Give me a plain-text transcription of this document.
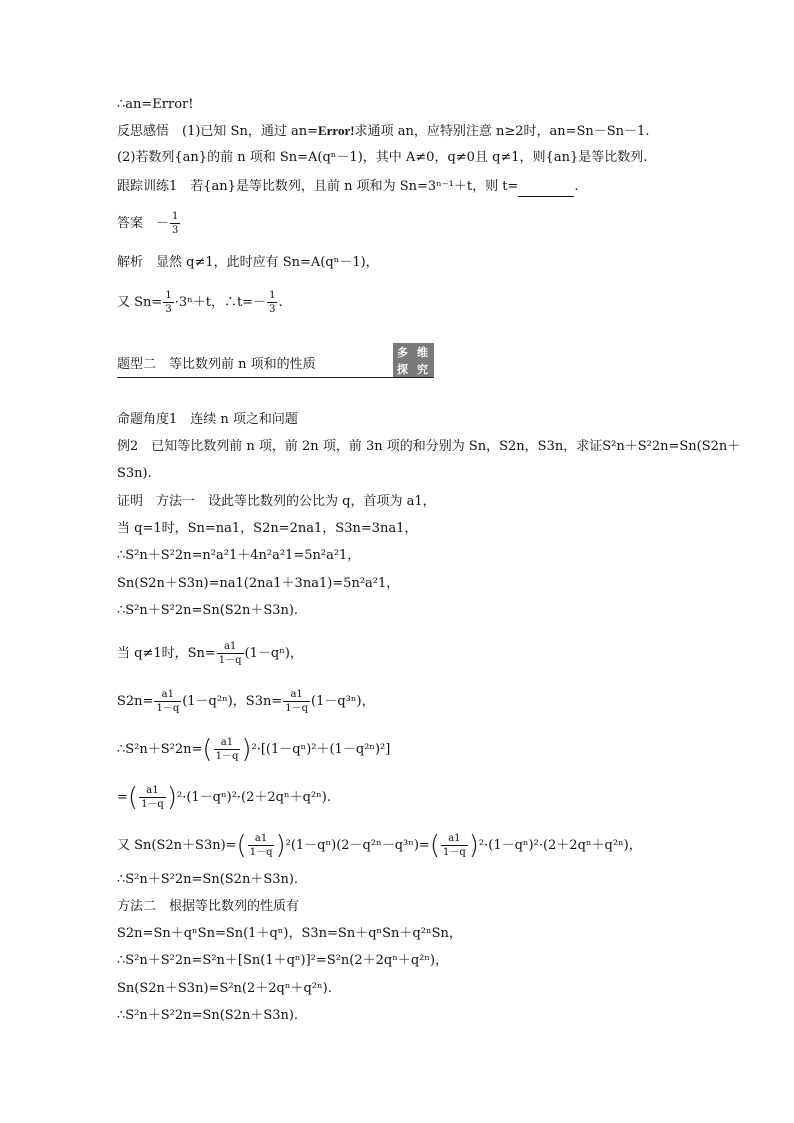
∴an=Error!
反思感悟　(1)已知 Sn，通过 an=Error!求通项 an，应特别注意 n≥2时，an=Sn－Sn－1.
(2)若数列{an}的前 n 项和 Sn=A(qⁿ－1)，其中 A≠0，q≠0且 q≠1，则{an}是等比数列.
跟踪训练1　若{an}是等比数列，且前 n 项和为 Sn=3ⁿ⁻¹＋t，则 t=	.
答案　－ $\frac{1}{3}$
解析　显然 q≠1，此时应有 Sn=A(qⁿ－1)，
又 $Sn= \frac{1}{3} \cdot 3^n+t$，∴t=－ $\frac{1}{3}$ .
题型二　等比数列前 n 项和的性质
多 维
探 究
命题角度1　连续 n 项之和问题
例2　已知等比数列前 n 项，前 2n 项，前 3n 项的和分别为 Sn，S2n，S3n，求证S²n＋S²2n=Sn(S2n＋
S3n).
证明　方法一　设此等比数列的公比为 q，首项为 a1，
当 q=1时，Sn=na1，S2n=2na1，S3n=3na1，
∴S²n＋S²2n=n²a²1＋4n²a²1=5n²a²1，
Sn(S2n＋S3n)=na1(2na1＋3na1)=5n²a²1，
∴S²n＋S²2n=Sn(S2n＋S3n).
当 q≠1时，$Sn= \frac{a1}{1-q} (1-q^n)$，
$S2n= \frac{a1}{1-q} (1-q^{2n})$，$S3n= \frac{a1}{1-q} (1-q^{3n})$，
∴S²n＋S²2n=( $\frac{a1}{1-q} )^2\cdot[(1-q^n)^2+(1-q^{2n})^2]$
=( $\frac{a1}{1-q} )^2\cdot(1-q^n)^2\cdot(2+2q^n+q^{2n})$.
又 $Sn(S2n+S3n)=( \frac{a1}{1-q} )^2(1-q^n)(2-q^{2n}-q^{3n})=( \frac{a1}{1-q} )^2\cdot(1-q^n)^2\cdot(2+2q^n+q^{2n})$，
∴S²n＋S²2n=Sn(S2n＋S3n).
方法二　根据等比数列的性质有
S2n=Sn＋qⁿSn=Sn(1＋qⁿ)，S3n=Sn＋qⁿSn＋q²ⁿSn，
∴S²n＋S²2n=S²n＋[Sn(1＋qⁿ)]²=S²n(2＋2qⁿ＋q²ⁿ)，
Sn(S2n＋S3n)=S²n(2＋2qⁿ＋q²ⁿ).
∴S²n＋S²2n=Sn(S2n＋S3n).
